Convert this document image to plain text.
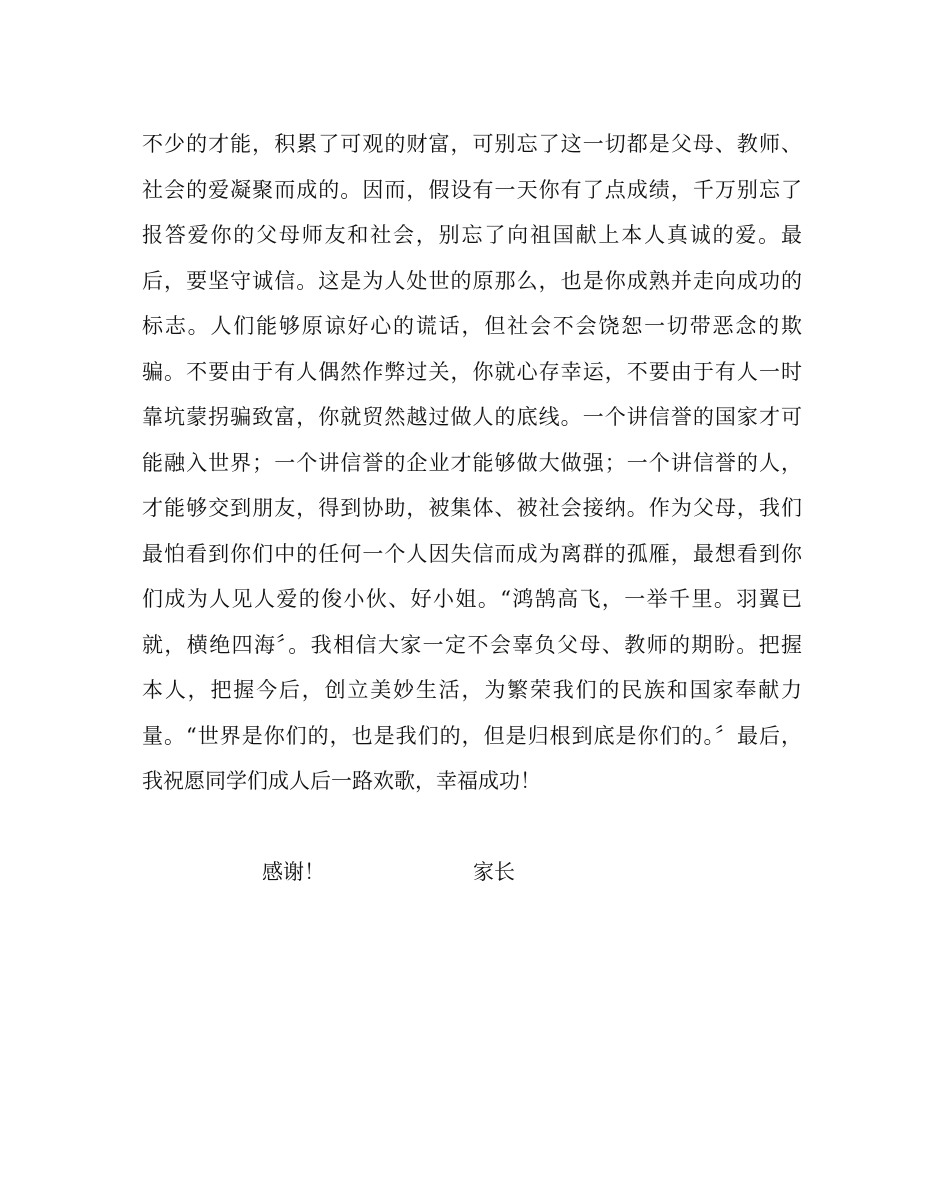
不少的才能，积累了可观的财富，可别忘了这一切都是父母、教师、
社会的爱凝聚而成的。因而，假设有一天你有了点成绩，千万别忘了
报答爱你的父母师友和社会，别忘了向祖国献上本人真诚的爱。最
后，要坚守诚信。这是为人处世的原那么，也是你成熟并走向成功的
标志。人们能够原谅好心的谎话，但社会不会饶恕一切带恶念的欺
骗。不要由于有人偶然作弊过关，你就心存幸运，不要由于有人一时
靠坑蒙拐骗致富，你就贸然越过做人的底线。一个讲信誉的国家才可
能融入世界；一个讲信誉的企业才能够做大做强；一个讲信誉的人，
才能够交到朋友，得到协助，被集体、被社会接纳。作为父母，我们
最怕看到你们中的任何一个人因失信而成为离群的孤雁，最想看到你
们成为人见人爱的俊小伙、好小姐。“鸿鹄高飞，一举千里。羽翼已
就，横绝四海〞。我相信大家一定不会辜负父母、教师的期盼。把握
本人，把握今后，创立美妙生活，为繁荣我们的民族和国家奉献力
量。“世界是你们的，也是我们的，但是归根到底是你们的。〞最后，
我祝愿同学们成人后一路欢歌，幸福成功！

感谢！	家长
